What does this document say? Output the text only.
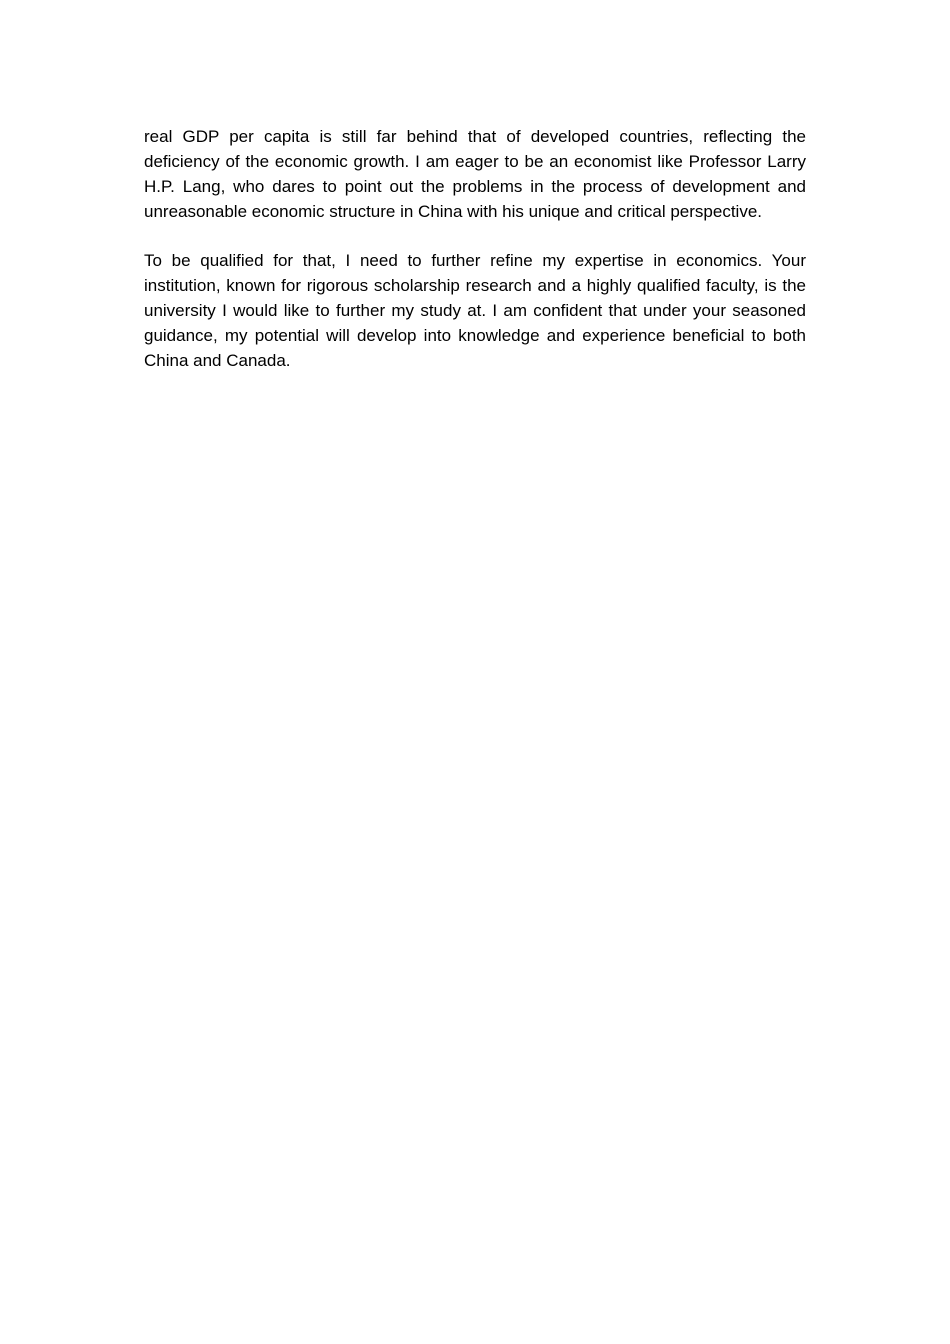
real GDP per capita is still far behind that of developed countries, reflecting the deficiency of the economic growth. I am eager to be an economist like Professor Larry H.P. Lang, who dares to point out the problems in the process of development and unreasonable economic structure in China with his unique and critical perspective.

To be qualified for that, I need to further refine my expertise in economics. Your institution, known for rigorous scholarship research and a highly qualified faculty, is the university I would like to further my study at. I am confident that under your seasoned guidance, my potential will develop into knowledge and experience beneficial to both China and Canada.
